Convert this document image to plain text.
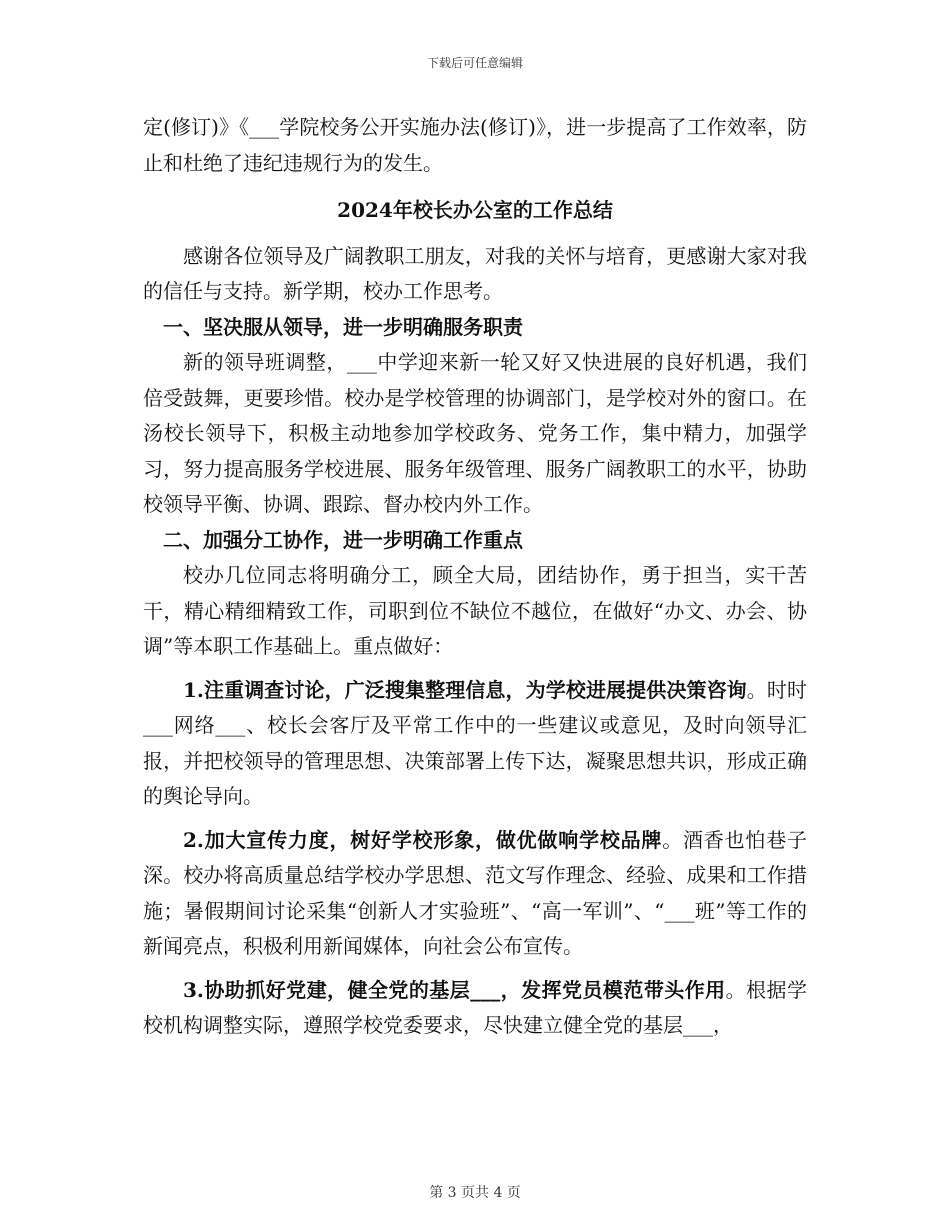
下载后可任意编辑

定(修订)》《___学院校务公开实施办法(修订)》，进一步提高了工作效率，防止和杜绝了违纪违规行为的发生。

2024年校长办公室的工作总结

感谢各位领导及广阔教职工朋友，对我的关怀与培育，更感谢大家对我的信任与支持。新学期，校办工作思考。

一、坚决服从领导，进一步明确服务职责

新的领导班调整，___中学迎来新一轮又好又快进展的良好机遇，我们倍受鼓舞，更要珍惜。校办是学校管理的协调部门，是学校对外的窗口。在汤校长领导下，积极主动地参加学校政务、党务工作，集中精力，加强学习，努力提高服务学校进展、服务年级管理、服务广阔教职工的水平，协助校领导平衡、协调、跟踪、督办校内外工作。

二、加强分工协作，进一步明确工作重点

校办几位同志将明确分工，顾全大局，团结协作，勇于担当，实干苦干，精心精细精致工作，司职到位不缺位不越位，在做好“办文、办会、协调”等本职工作基础上。重点做好：

1.注重调查讨论，广泛搜集整理信息，为学校进展提供决策咨询。时时___网络___、校长会客厅及平常工作中的一些建议或意见，及时向领导汇报，并把校领导的管理思想、决策部署上传下达，凝聚思想共识，形成正确的舆论导向。

2.加大宣传力度，树好学校形象，做优做响学校品牌。酒香也怕巷子深。校办将高质量总结学校办学思想、范文写作理念、经验、成果和工作措施；暑假期间讨论采集“创新人才实验班”、“高一军训”、“___班”等工作的新闻亮点，积极利用新闻媒体，向社会公布宣传。

3.协助抓好党建，健全党的基层___，发挥党员模范带头作用。根据学校机构调整实际，遵照学校党委要求，尽快建立健全党的基层___，

第 3 页共 4 页
